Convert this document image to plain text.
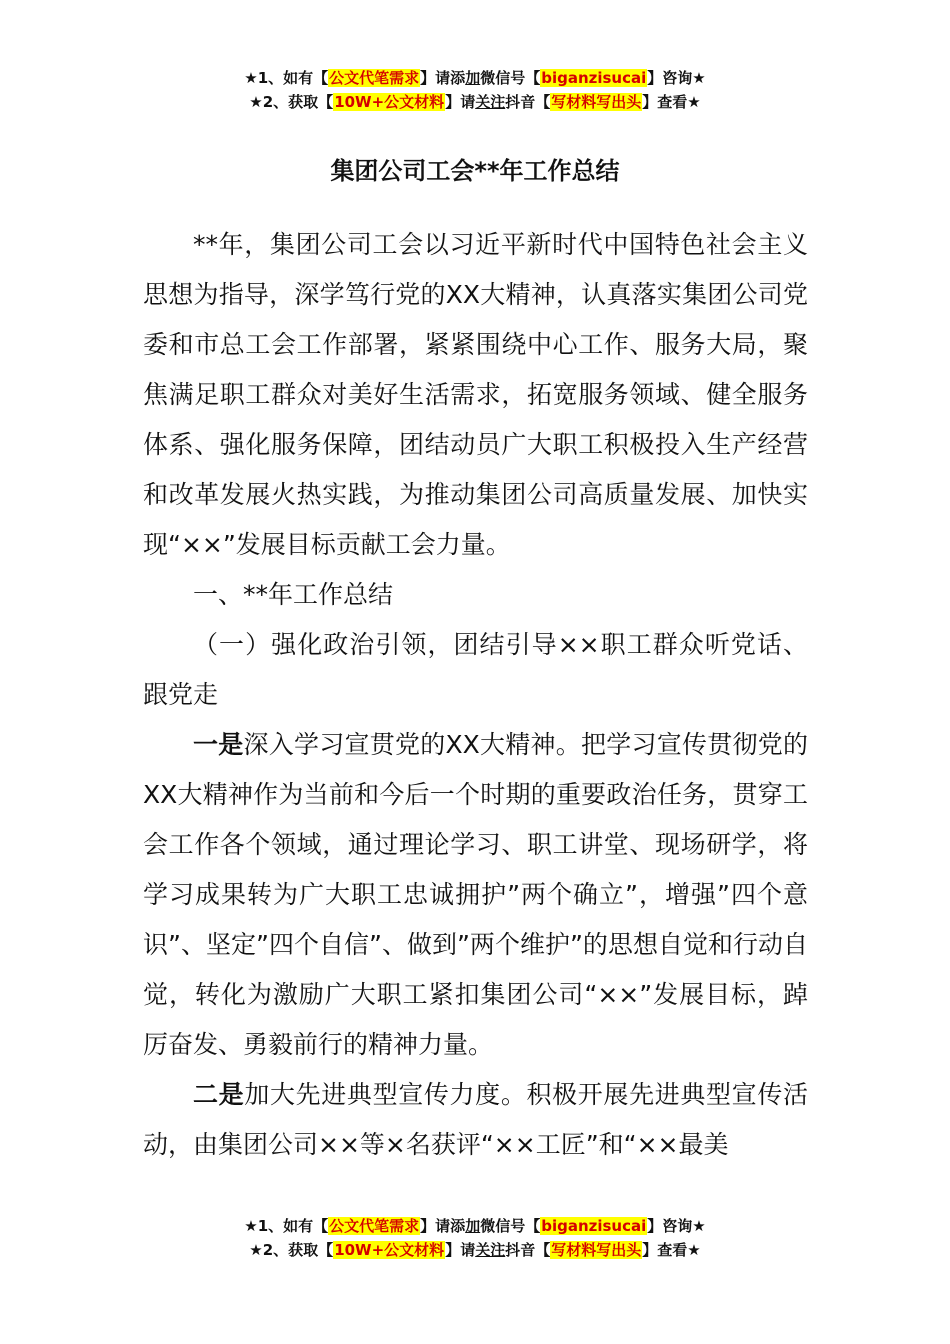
★1、如有【公文代笔需求】请添加微信号【biganzisucai】咨询★
★2、获取【10W+公文材料】请关注抖音【写材料写出头】查看★
集团公司工会**年工作总结

**年，集团公司工会以习近平新时代中国特色社会主义思想为指导，深学笃行党的XX大精神，认真落实集团公司党委和市总工会工作部署，紧紧围绕中心工作、服务大局，聚焦满足职工群众对美好生活需求，拓宽服务领域、健全服务体系、强化服务保障，团结动员广大职工积极投入生产经营和改革发展火热实践，为推动集团公司高质量发展、加快实现“××”发展目标贡献工会力量。

一、**年工作总结

（一）强化政治引领，团结引导××职工群众听党话、跟党走

一是深入学习宣贯党的XX大精神。把学习宣传贯彻党的XX大精神作为当前和今后一个时期的重要政治任务，贯穿工会工作各个领域，通过理论学习、职工讲堂、现场研学，将学习成果转为广大职工忠诚拥护”两个确立”，增强”四个意识”、坚定”四个自信”、做到”两个维护”的思想自觉和行动自觉，转化为激励广大职工紧扣集团公司“××”发展目标，踔厉奋发、勇毅前行的精神力量。

二是加大先进典型宣传力度。积极开展先进典型宣传活动，由集团公司××等×名获评“××工匠”和“××最美

★1、如有【公文代笔需求】请添加微信号【biganzisucai】咨询★
★2、获取【10W+公文材料】请关注抖音【写材料写出头】查看★
